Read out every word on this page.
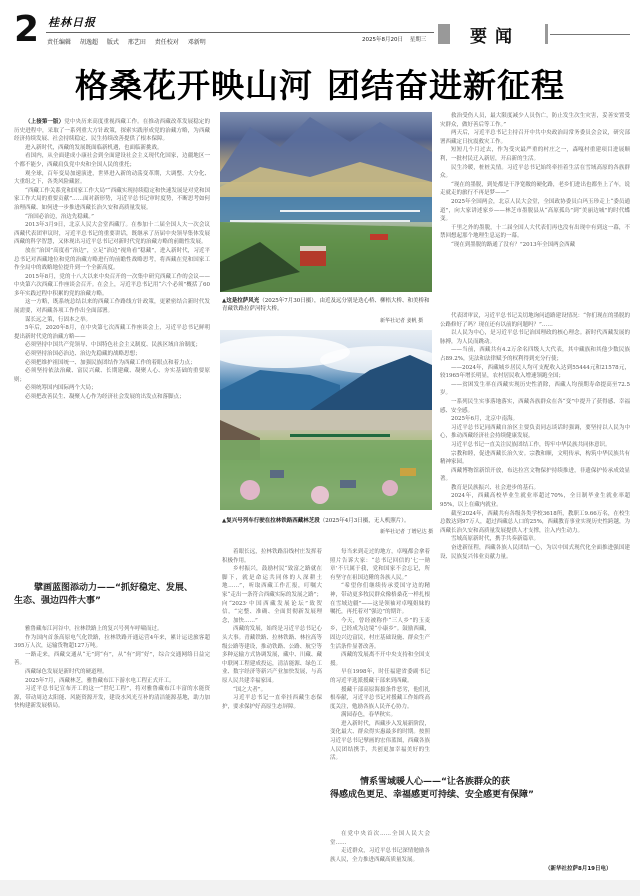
2 桂林日报
责任编辑 胡逸超 版式 邢艺田 责任校对 邓新明	2025年8月20日 星期三	要闻
格桑花开映山河 团结奋进新征程

（上接第一版）党中央历来高度重视西藏工作。在推动西藏改革发展稳定的历史进程中，采取了一系列重大方针政策，探索实践形成党的治藏方略，为西藏经济持续发展、社会持续稳定、民生持续改善提供了根本保障。

进入新时代，西藏的发展既面临新机遇，也面临新挑战。

看国内，从全面建成小康社会到全面建设社会主义现代化国家，边疆地区一个都不能少，西藏肩负党中央和全国人民的重托；

观全球，百年变局加速演进，世界进入新的动荡变革期，大调整、大分化、大重组之下，各类风险藏匿。

“西藏工作关系党和国家工作大局”“西藏实现持续稳定和快速发展是对党和国家工作大局的重要贡献”……面对新形势，习近平总书记审时度势，不断思考如何治理西藏、如何进一步推进西藏长治久安和高质量发展。

“治国必治边，治边先稳藏。”

2013年3月9日，北京人民大会堂西藏厅。在参加十二届全国人大一次会议西藏代表团审议时，习近平总书记的重要讲话，既继承了历届中央领导集体发展西藏的科学智慧，又体现出习近平总书记对新时代党的治藏方略的前瞻性发展。

放在“治国”高度看“治边”，立足“治边”视角看“稳藏”，进入新时代，习近平总书记对西藏地位和党的治藏方略进行的前瞻性战略思考，将西藏在党和国家工作全局中的战略地位提升到一个全新高度。

2015年8月，党的十八大以来中央召开的一次集中研究西藏工作的会议——中央第六次西藏工作座谈会召开。在会上，习近平总书记用“六个必须”概括了60多年实践过程中积累的党的治藏方略。

这一方略，既系统总结以来的西藏工作路线方针政策，更紧密结合新时代发展需要，对西藏各项工作作出全面部署。

谋长远之策，行固本之举。

5年后，2020年8月，在中央第七次西藏工作座谈会上，习近平总书记鲜明提出新时代党的治藏方略——

必须坚持中国共产党领导、中国特色社会主义制度、民族区域自治制度；

必须坚持治国必治边、治边先稳藏的战略思想；

必须把维护祖国统一、加强民族团结作为西藏工作的着眼点和着力点；

必须坚持依法治藏、富民兴藏、长期建藏、凝聚人心、夯实基础的重要原则；

必须统筹国内国际两个大局；

必须把改善民生、凝聚人心作为经济社会发展的出发点和落脚点；

擘画蓝图添动力——“抓好稳定、发展、
生态、强边四件大事”

雅鲁藏布江河谷中，拉林铁路上的复兴号列车呼啸而过。

作为国内首条高原电气化铁路，拉林铁路开通运营4年来，累计运送旅客超395万人次，运输货物超127万吨。

一路走来，西藏交通从“无”到“有”，从“有”到“好”，综合交通网络日益完善。

西藏绿色发展是新时代的硬道理。

2025年7月，西藏林芝，雅鲁藏布江下游水电工程正式开工。

习近平总书记宣布开工的这一“世纪工程”，将对雅鲁藏布江丰富的水能资源，带动周边太阳能、风能资源开发，建设水风光互补的清洁能源基地，助力加快构建新发展格局。

▲这是拉萨风光（2025年7月30日摄），由近及远分别是迭心桥、柳梧大桥、和美桥和青藏铁路拉萨河特大桥。
新华社记者 姜帆 摄
▲复兴号列车行驶在拉林铁路西藏林芝段（2025年4月3日摄，无人机照片）。
新华社记者 丁增尼达 摄

着眼长远，拉林铁路沿线村庄发挥着积极作用。

乡村振兴，鼓励村民“致富之路就在脚下，就是命运共同体的人深耕土地……”，听取西藏工作汇报，叮嘱大家“走出一条符合西藏实际的发展之路”；向“2023·中国西藏发展论坛”致贺信，“完整、准确、全面贯彻新发展理念，加快……”

西藏的发展，始终是习近平总书记心头大事。青藏铁路、拉林铁路、林拉高等级公路等建设，推动铁路、公路、航空等多种运输方式协调发展，藏中、川藏、藏中联网工程建成投运，清洁能源、绿色工业、数字经济等新兴产业加快发展，与高原人民共建幸福家园。

“国之大者”。

习近平总书记一直牵挂西藏生态保护，要求保护好高原生态屏障。

每当来到走过的地方，卓嘎都会拿着照片告诉大家：“总书记回信的‘七一勋章’不只属于我，党和国家不会忘记，所有坚守在祖国边陲的各族人民。”

“希望你们继续传承爱国守边的精神，带动更多牧民群众像格桑花一样扎根在雪域边疆”——这是领袖对卓嘎姐妹的嘱托，再托着对“强边”的期许。

今天，曾经被称作“三人乡”的玉麦乡，已经成为边境“小康乡”。鼓励西藏，固边兴边富民，村庄基础设施、群众生产生活条件显著改善。

西藏的发展离不开中央支持和全国支援。

早在1998年，时任福建省委副书记的习近平选派援藏干部来到西藏。

援藏干部高原海拔条件恶劣，他们扎根奉献，习近平总书记对援藏工作始终高度关注，勉励各族人民齐心协力。

满园春色，春华秋实。

进入新时代，西藏步入发展新阶段，变化最大、群众得实惠最多的时期。按照习近平总书记擘画的宏伟蓝图，西藏各族人民团结携手，共创更加幸福美好的生活。

情系雪域暖人心——“让各族群众的获
得感成色更足、幸福感更可持续、安全感更有保障”

在党中央首次……全国人民大会堂……

走近群众，习近平总书记深情勉励各族人民，全力推进西藏高质量发展。

救治受伤人员，最大限度减少人员伤亡，防止发生次生灾害，妥善安置受灾群众，做好善后等工作。”

两天后，习近平总书记主持召开中共中央政治局常务委员会会议，研究部署西藏定日抗震救灾工作。

短短几个月过去，作为受灾最严重的村庄之一，森嘎村重建项目进展顺利，一批村民迁入新居，开启新的生活。

民生冷暖，桩桩关情。习近平总书记始终牵挂着生活在雪域高原的各族群众。

“现在的墨脱，到处都是干净宽敞的硬化路，老乡们进出也都坐上了车，说走就走的旅行不再是梦——”

2025年全国两会，北京人民大会堂，全国政协委员白玛玉珍走上“委员通道”，向大家讲述家乡——林芝市墨脱县从“高原孤岛”到“美丽边城”的时代蝶变。

千里之外的墨脱，十二届全国人大代表们再也没有出现中有到这一幕，不禁回想起那个地理生息运的一幕。

“现在到墨脱的路通了没有？”2013年全国两会西藏

代表团审议，习近平总书记关切地询问道路建设情况：“你们现在的墨脱的公路修好了吗？现在还有以前的问题吗？”……

以人民为中心，是习近平总书记治国理政的核心理念。新时代西藏发展的脉搏，为人民而跳动。

——当前，西藏共有4.2万余名四级人大代表，其中藏族和其他少数民族占89.2%，宪法和法律赋予的权利得到充分行使；

——2024年，西藏城乡居民人均可支配收入达到55444元和21578元，较1965年增长明显，农村居民收入增速领跑全国；

——贫困发生率在西藏实现历史性消除，西藏人均预期寿命提高至72.5岁。

一系列民生实事落地落实，西藏各族群众在各“变”中提升了获得感、幸福感、安全感。

2025年6月，北京中南海。

习近平总书记同西藏自治区主要负责同志谈话时强调，要坚持以人民为中心，推动西藏经济社会持续健康发展。

习近平总书记一直关注民族团结工作，铸牢中华民族共同体意识。

宗教和睦，促进西藏长治久安。宗教和顺，文明传承，构筑中华民族共有精神家园。

西藏博物馆新馆开放，布达拉宫文物保护持续推进，非遗保护传承成效显著。

教育是民族振兴、社会进步的基石。

2024年，西藏高校毕业生就业率超过70%，全日制毕业生就业率超95%，以上在藏内就业。

截至2024年，西藏共有各级各类学校3618所，教职工9.66万名，在校生总数达到97万人，超过西藏总人口的25%，西藏教育事业实现历史性跨越，为西藏长治久安和高质量发展提供人才支撑，注入内生动力。

雪域高原新时代，携手共奏新篇章。

奋进新征程，西藏各族人民团结一心，为以中国式现代化全面推进强国建设、民族复兴伟业贡献力量。

（新华社拉萨8月19日电）
